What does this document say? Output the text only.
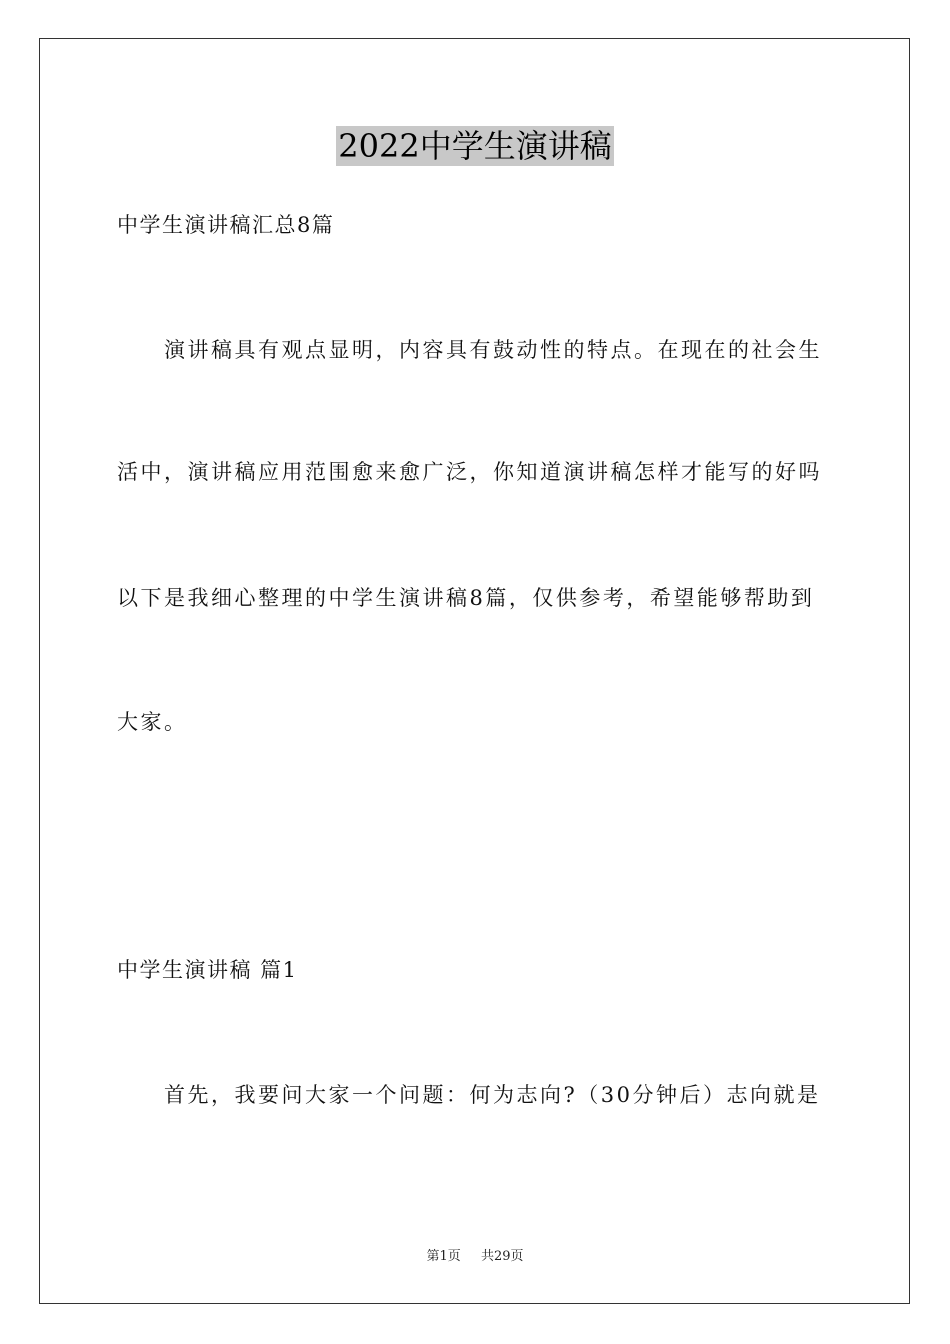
2022中学生演讲稿
中学生演讲稿汇总8篇
演讲稿具有观点显明，内容具有鼓动性的特点。在现在的社会生
活中，演讲稿应用范围愈来愈广泛，你知道演讲稿怎样才能写的好吗
以下是我细心整理的中学生演讲稿8篇，仅供参考，希望能够帮助到
大家。
中学生演讲稿 篇1
首先，我要问大家一个问题：何为志向?（30分钟后）志向就是
第1页 共29页
